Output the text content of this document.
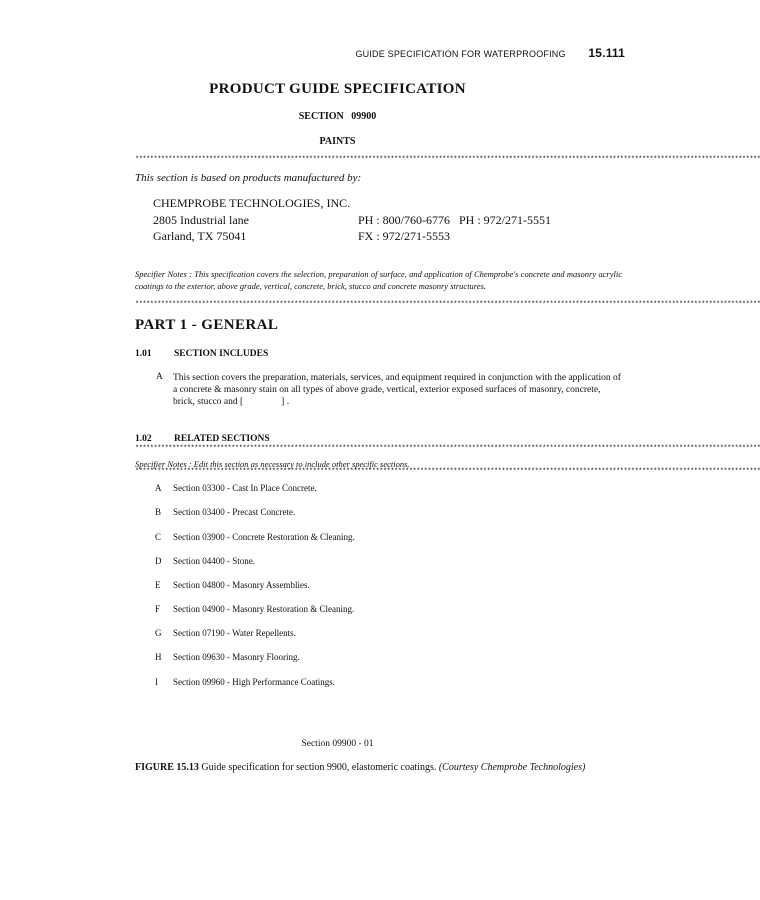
GUIDE SPECIFICATION FOR WATERPROOFING 15.111
PRODUCT GUIDE SPECIFICATION
SECTION   09900
PAINTS
*************************************************************************************************************************************************************************
This section is based on products manufactured by:
CHEMPROBE TECHNOLOGIES, INC.
2805 Industrial lane
Garland, TX 75041
PH : 800/760-6776   PH : 972/271-5551
FX : 972/271-5553
Specifier Notes : This specification covers the selection, preparation of surface, and application of Chemprobe's concrete and masonry acrylic coatings to the exterior, above grade, vertical, concrete, brick, stucco and concrete masonry structures.
*************************************************************************************************************************************************************************
PART 1 - GENERAL
1.01 SECTION INCLUDES
A This section covers the preparation, materials, services, and equipment required in conjunction with the application of a concrete & masonry stain on all types of above grade, vertical, exterior exposed surfaces of masonry, concrete, brick, stucco and [                ] .
1.02 RELATED SECTIONS
*************************************************************************************************************************************************************************
Specifier Notes : Edit this section as necessary to include other specific sections.
*************************************************************************************************************************************************************************
A Section 03300 - Cast In Place Concrete.
B Section 03400 - Precast Concrete.
C Section 03900 - Concrete Restoration & Cleaning.
D Section 04400 - Stone.
E Section 04800 - Masonry Assemblies.
F Section 04900 - Masonry Restoration & Cleaning.
G Section 07190 - Water Repellents.
H Section 09630 - Masonry Flooring.
I Section 09960 - High Performance Coatings.
Section 09900 - 01
FIGURE 15.13 Guide specification for section 9900, elastomeric coatings. (Courtesy Chemprobe Technologies)
